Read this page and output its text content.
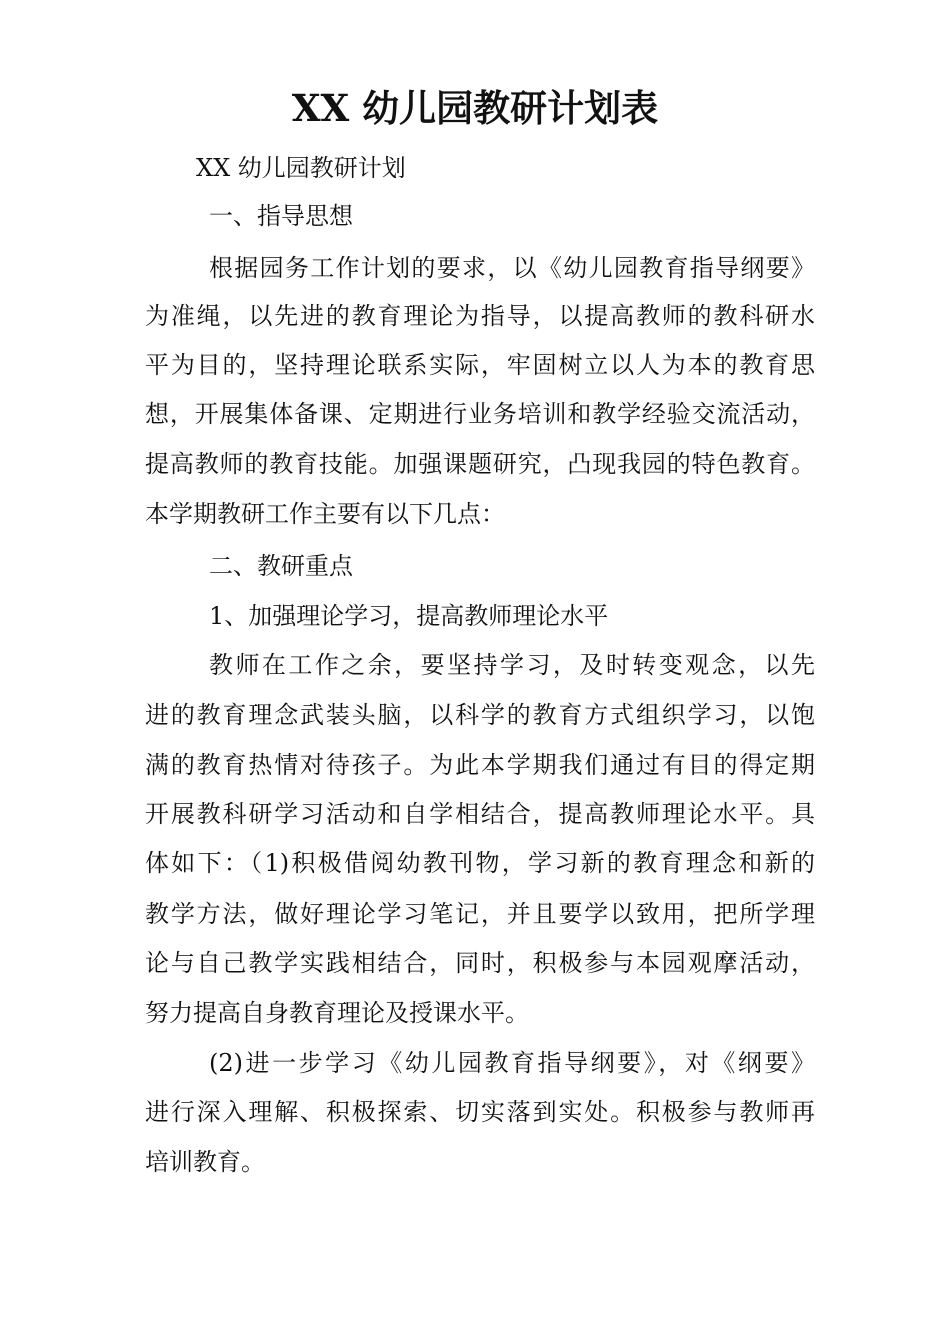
XX 幼儿园教研计划表
XX 幼儿园教研计划
一、指导思想
根据园务工作计划的要求，以《幼儿园教育指导纲要》
为准绳，以先进的教育理论为指导，以提高教师的教科研水
平为目的，坚持理论联系实际，牢固树立以人为本的教育思
想，开展集体备课、定期进行业务培训和教学经验交流活动，
提高教师的教育技能。加强课题研究，凸现我园的特色教育。
本学期教研工作主要有以下几点：
二、教研重点
1、加强理论学习，提高教师理论水平
教师在工作之余，要坚持学习，及时转变观念，以先
进的教育理念武装头脑，以科学的教育方式组织学习，以饱
满的教育热情对待孩子。为此本学期我们通过有目的得定期
开展教科研学习活动和自学相结合，提高教师理论水平。具
体如下：（1)积极借阅幼教刊物，学习新的教育理念和新的
教学方法，做好理论学习笔记，并且要学以致用，把所学理
论与自己教学实践相结合，同时，积极参与本园观摩活动，
努力提高自身教育理论及授课水平。
(2)进一步学习《幼儿园教育指导纲要》，对《纲要》
进行深入理解、积极探索、切实落到实处。积极参与教师再
培训教育。
